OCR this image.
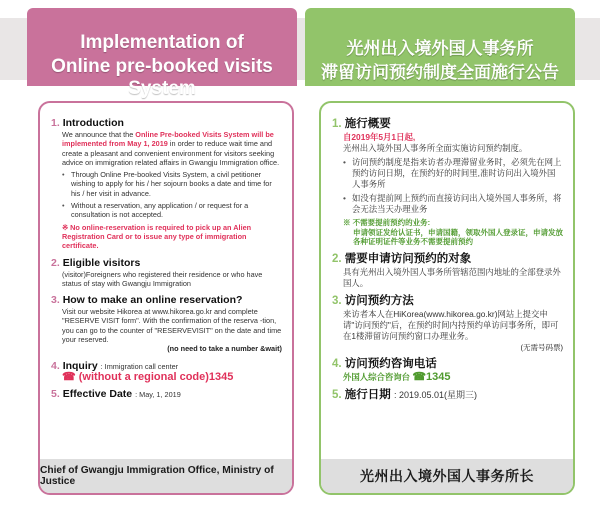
Implementation of
Online pre-booked visits System
光州出入境外国人事务所
滞留访问预约制度全面施行公告
1. Introduction
We announce that the Online Pre-booked Visits System will be implemented from May 1, 2019 in order to reduce wait time and create a pleasant and convenient environment for visitors seeking advice on immigration related affairs in Gwangju Immigration office.
• Through Online Pre-booked Visits System, a civil petitioner wishing to apply for his / her sojourn books a date and time for his / her visit in advance.
• Without a reservation, any application / or request for a consultation is not accepted.
※ No online-reservation is required to pick up an Alien Registration Card or to issue any type of immigration certificate.
2. Eligible visitors
(visitor)Foreigners who registered their residence or who have status of stay with Gwangju Immigration
3. How to make an online reservation?
Visit our website Hikorea at www.hikorea.go.kr and complete "RESERVE VISIT form". With the confirmation of the reserva -tion, you can go to the counter of "RESERVEVISIT" on the date and time your reserved.
(no need to take a number &wait)
4. Inquiry : Immigration call center
☎ (without a regional code)1345
5. Effective Date : May, 1, 2019
Chief of Gwangju Immigration Office, Ministry of Justice
1. 施行概要
自2019年5月1日起,
光州出入境外国人事务所全面实施访问预约制度。
• 访问预约制度是指来访者办理滞留业务时，必须先在网上预约访问日期，在预约好的时间里,准时访问出入境外国人事务所
• 如没有提前网上预约而直接访问出入境外国人事务所，将会无法当天办理业务
※ 不需要提前预约的业务:
申请领证发给认证书，申请国籍，领取外国人登录证，申请发放各种证明证件等业务不需要提前预约
2. 需要申请访问预约的对象
具有光州出入境外国人事务所管辖范围内地址的全部登录外国人。
3. 访问预约方法
来访者本人在HiKorea(www.hikorea.go.kr)网站上提交申请"访问预约"后，在预约时间内持预约单访问事务所，即可在1楼滞留访问预约窗口办理业务。
(无需号码票)
4. 访问预约咨询电话
外国人综合咨询台 ☎1345
5. 施行日期 : 2019.05.01(星期三)
光州出入境外国人事务所长
